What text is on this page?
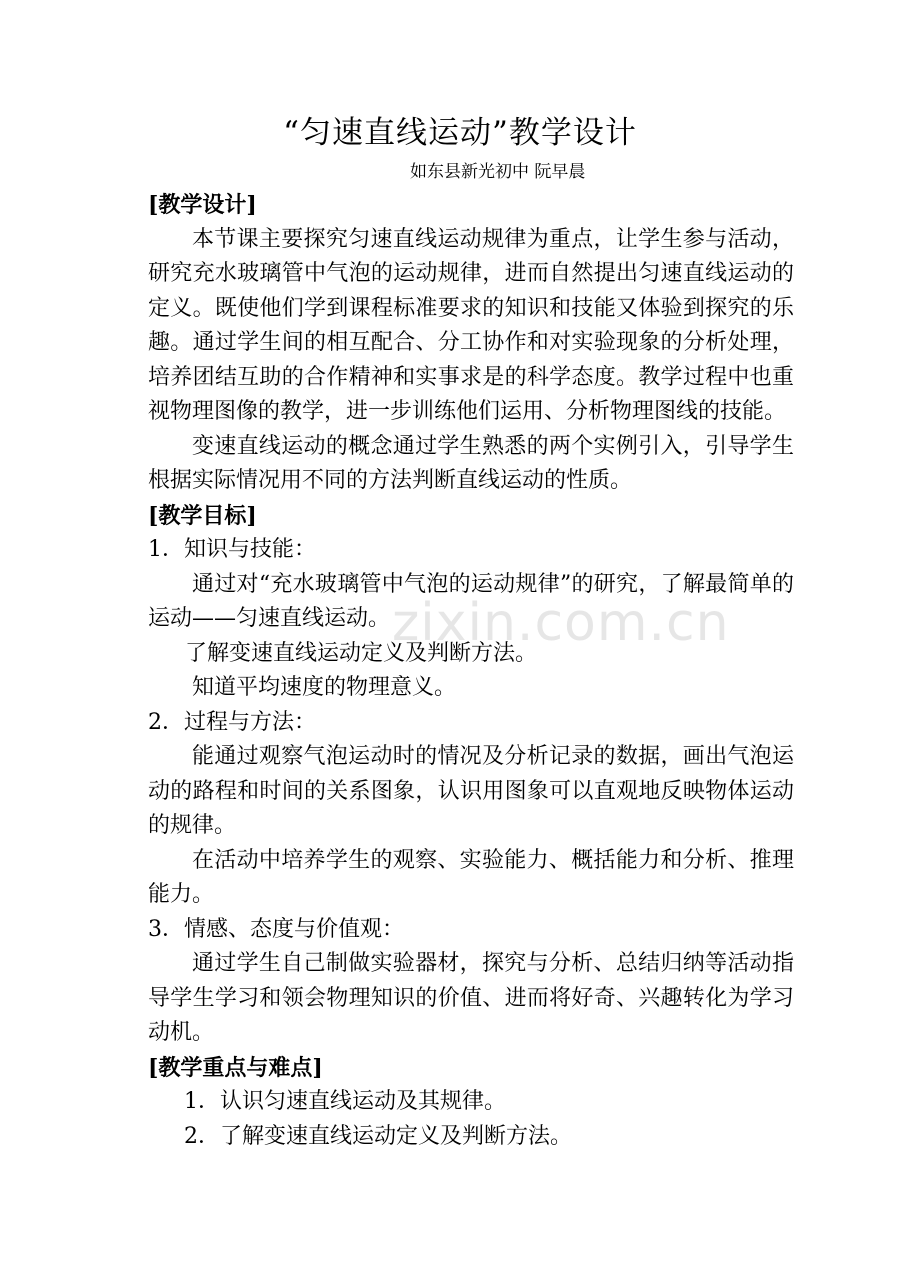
zixin.com.cn
“匀速直线运动”教学设计
如东县新光初中 阮早晨

[教学设计]

本节课主要探究匀速直线运动规律为重点，让学生参与活动，研究充水玻璃管中气泡的运动规律，进而自然提出匀速直线运动的定义。既使他们学到课程标准要求的知识和技能又体验到探究的乐趣。通过学生间的相互配合、分工协作和对实验现象的分析处理，培养团结互助的合作精神和实事求是的科学态度。教学过程中也重视物理图像的教学，进一步训练他们运用、分析物理图线的技能。

变速直线运动的概念通过学生熟悉的两个实例引入，引导学生根据实际情况用不同的方法判断直线运动的性质。

[教学目标]

1．知识与技能：

通过对“充水玻璃管中气泡的运动规律”的研究，了解最简单的运动——匀速直线运动。

了解变速直线运动定义及判断方法。

知道平均速度的物理意义。

2．过程与方法：

能通过观察气泡运动时的情况及分析记录的数据，画出气泡运动的路程和时间的关系图象，认识用图象可以直观地反映物体运动的规律。

在活动中培养学生的观察、实验能力、概括能力和分析、推理能力。

3．情感、态度与价值观：

通过学生自己制做实验器材，探究与分析、总结归纳等活动指导学生学习和领会物理知识的价值、进而将好奇、兴趣转化为学习动机。

[教学重点与难点]

1．认识匀速直线运动及其规律。

2．了解变速直线运动定义及判断方法。
